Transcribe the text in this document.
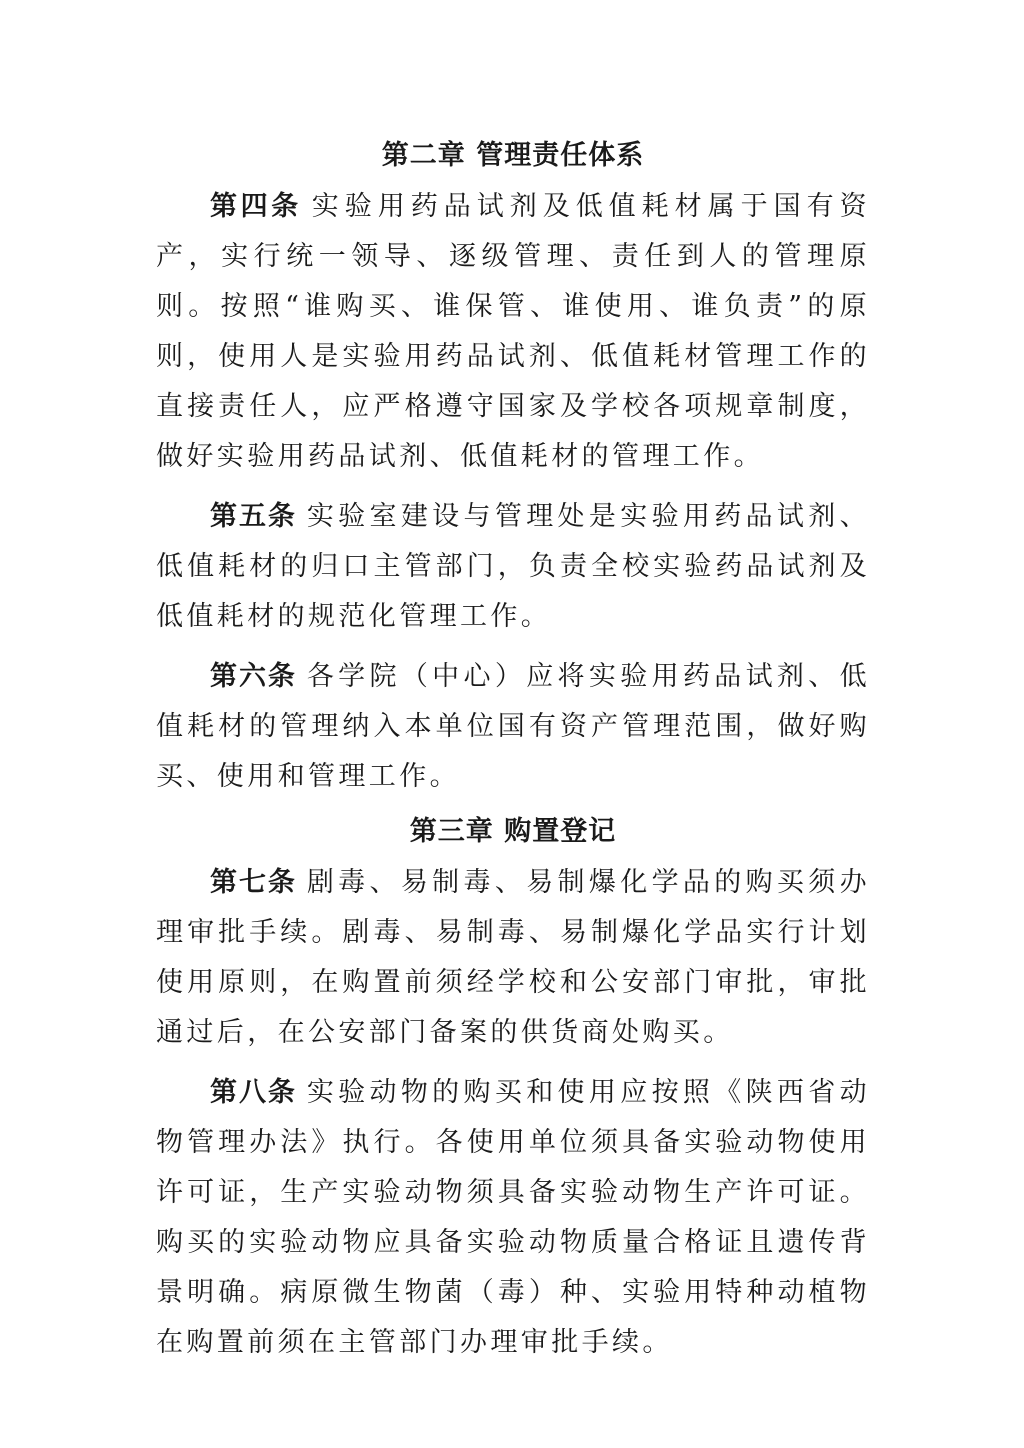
第二章 管理责任体系

第四条 实验用药品试剂及低值耗材属于国有资产，实行统一领导、逐级管理、责任到人的管理原则。按照“谁购买、谁保管、谁使用、谁负责”的原则，使用人是实验用药品试剂、低值耗材管理工作的直接责任人，应严格遵守国家及学校各项规章制度，做好实验用药品试剂、低值耗材的管理工作。

第五条 实验室建设与管理处是实验用药品试剂、低值耗材的归口主管部门，负责全校实验药品试剂及低值耗材的规范化管理工作。

第六条 各学院（中心）应将实验用药品试剂、低值耗材的管理纳入本单位国有资产管理范围，做好购买、使用和管理工作。

第三章 购置登记

第七条 剧毒、易制毒、易制爆化学品的购买须办理审批手续。剧毒、易制毒、易制爆化学品实行计划使用原则，在购置前须经学校和公安部门审批，审批通过后，在公安部门备案的供货商处购买。

第八条 实验动物的购买和使用应按照《陕西省动物管理办法》执行。各使用单位须具备实验动物使用许可证，生产实验动物须具备实验动物生产许可证。购买的实验动物应具备实验动物质量合格证且遗传背景明确。病原微生物菌（毒）种、实验用特种动植物在购置前须在主管部门办理审批手续。
